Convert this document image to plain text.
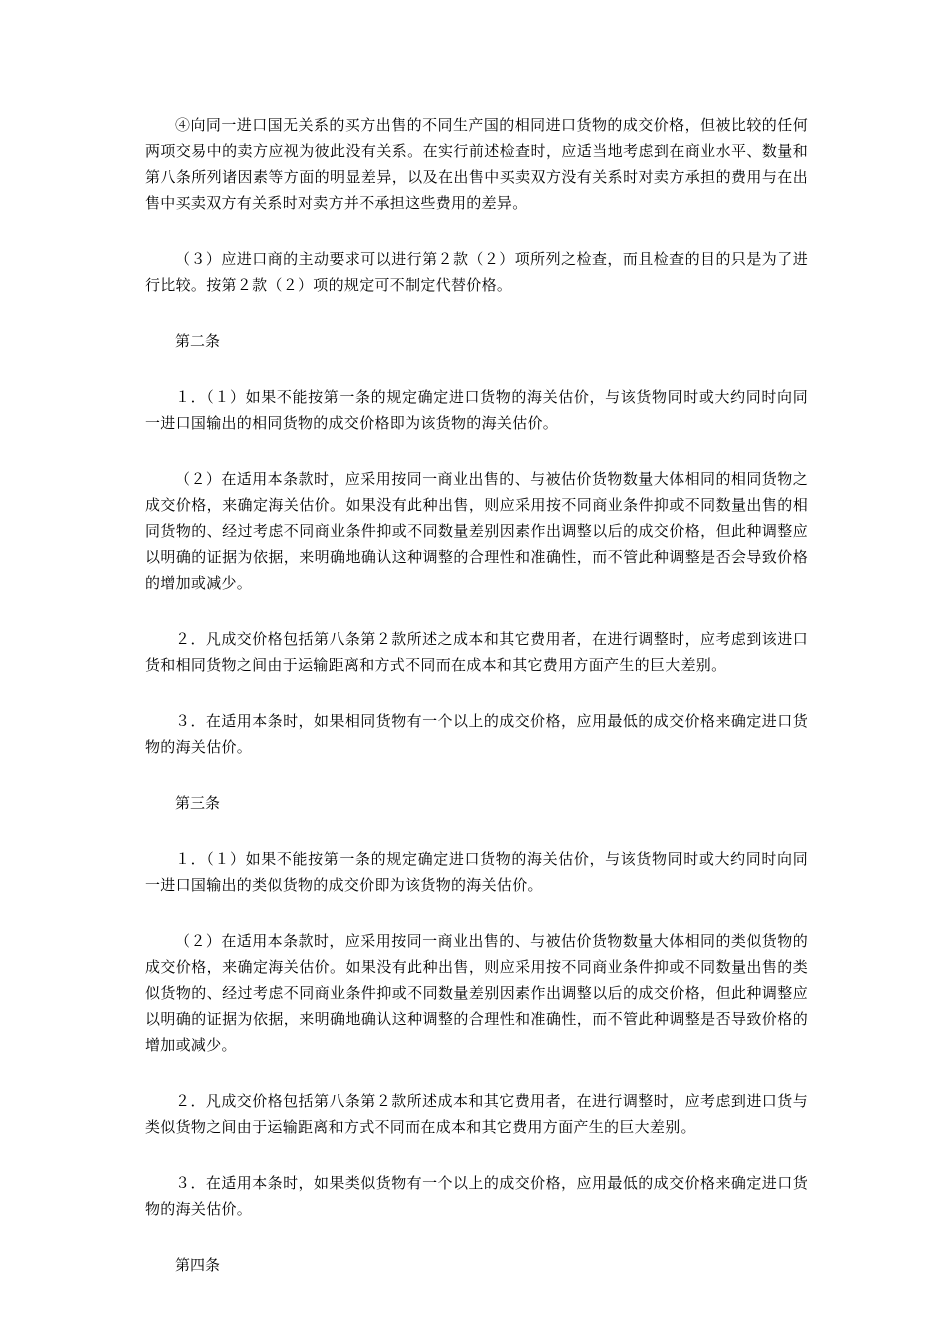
④向同一进口国无关系的买方出售的不同生产国的相同进口货物的成交价格，但被比较的任何两项交易中的卖方应视为彼此没有关系。在实行前述检查时，应适当地考虑到在商业水平、数量和第八条所列诸因素等方面的明显差异，以及在出售中买卖双方没有关系时对卖方承担的费用与在出售中买卖双方有关系时对卖方并不承担这些费用的差异。

（３）应进口商的主动要求可以进行第２款（２）项所列之检查，而且检查的目的只是为了进行比较。按第２款（２）项的规定可不制定代替价格。

第二条

１．（１）如果不能按第一条的规定确定进口货物的海关估价，与该货物同时或大约同时向同一进口国输出的相同货物的成交价格即为该货物的海关估价。

（２）在适用本条款时，应采用按同一商业出售的、与被估价货物数量大体相同的相同货物之成交价格，来确定海关估价。如果没有此种出售，则应采用按不同商业条件抑或不同数量出售的相同货物的、经过考虑不同商业条件抑或不同数量差别因素作出调整以后的成交价格，但此种调整应以明确的证据为依据，来明确地确认这种调整的合理性和准确性，而不管此种调整是否会导致价格的增加或减少。

２．凡成交价格包括第八条第２款所述之成本和其它费用者，在进行调整时，应考虑到该进口货和相同货物之间由于运输距离和方式不同而在成本和其它费用方面产生的巨大差别。

３．在适用本条时，如果相同货物有一个以上的成交价格，应用最低的成交价格来确定进口货物的海关估价。

第三条

１．（１）如果不能按第一条的规定确定进口货物的海关估价，与该货物同时或大约同时向同一进口国输出的类似货物的成交价即为该货物的海关估价。

（２）在适用本条款时，应采用按同一商业出售的、与被估价货物数量大体相同的类似货物的成交价格，来确定海关估价。如果没有此种出售，则应采用按不同商业条件抑或不同数量出售的类似货物的、经过考虑不同商业条件抑或不同数量差别因素作出调整以后的成交价格，但此种调整应以明确的证据为依据，来明确地确认这种调整的合理性和准确性，而不管此种调整是否导致价格的增加或减少。

２．凡成交价格包括第八条第２款所述成本和其它费用者，在进行调整时，应考虑到进口货与类似货物之间由于运输距离和方式不同而在成本和其它费用方面产生的巨大差别。

３．在适用本条时，如果类似货物有一个以上的成交价格，应用最低的成交价格来确定进口货物的海关估价。

第四条
